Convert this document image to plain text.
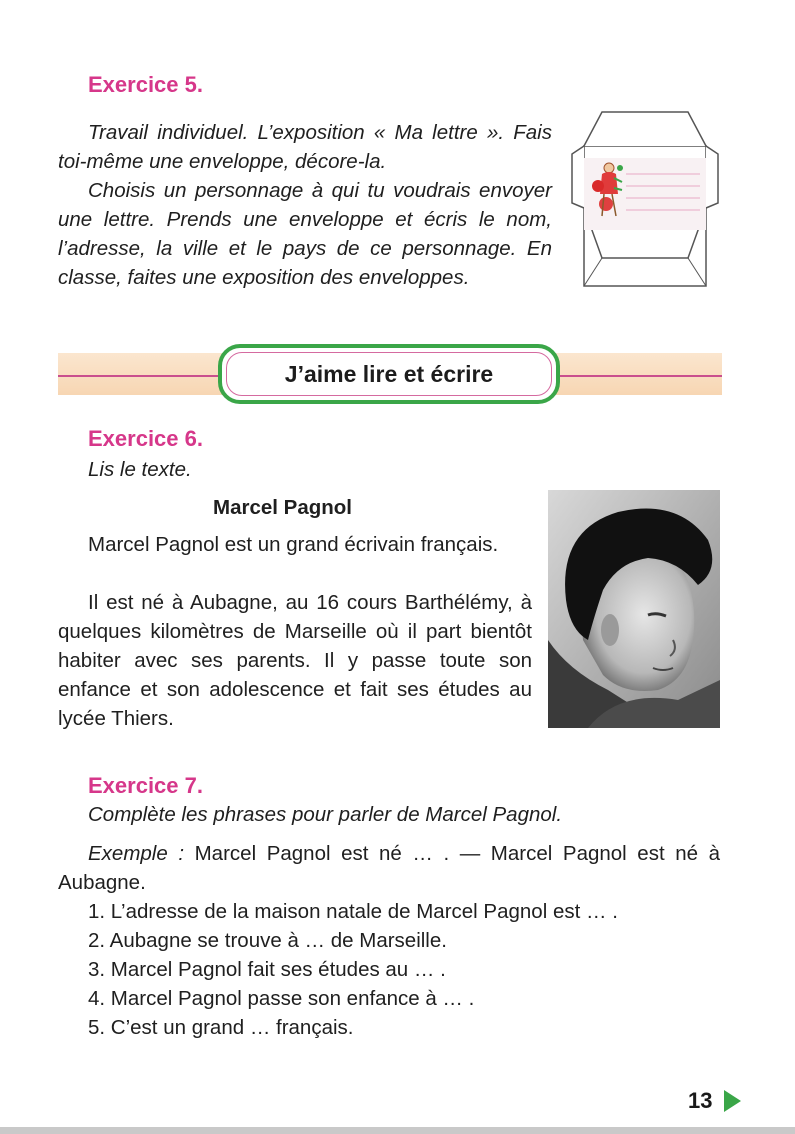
Exercice 5.

Travail individuel. L’exposition « Ma lettre ». Fais toi-même une enveloppe, décore-la.
Choisis un personnage à qui tu voudrais envoyer une lettre. Prends une enveloppe et écris le nom, l’adresse, la ville et le pays de ce personnage. En classe, faites une exposition des enveloppes.

J’aime lire et écrire
Exercice 6.

Lis le texte.

Marcel Pagnol

Marcel Pagnol est un grand écrivain français.

Il est né à Aubagne, au 16 cours Barthélémy, à quelques kilomètres de Marseille où il part bientôt habiter avec ses parents. Il y passe toute son enfance et son adolescence et fait ses études au lycée Thiers.

Exercice 7.

Complète les phrases pour parler de Marcel Pagnol.

Exemple : Marcel Pagnol est né … . — Marcel Pagnol est né à Aubagne.

1. L’adresse de la maison natale de Marcel Pagnol est … .
2. Aubagne se trouve à … de Marseille.
3. Marcel Pagnol fait ses études au … .
4. Marcel Pagnol passe son enfance à … .
5. C’est un grand … français.
13
